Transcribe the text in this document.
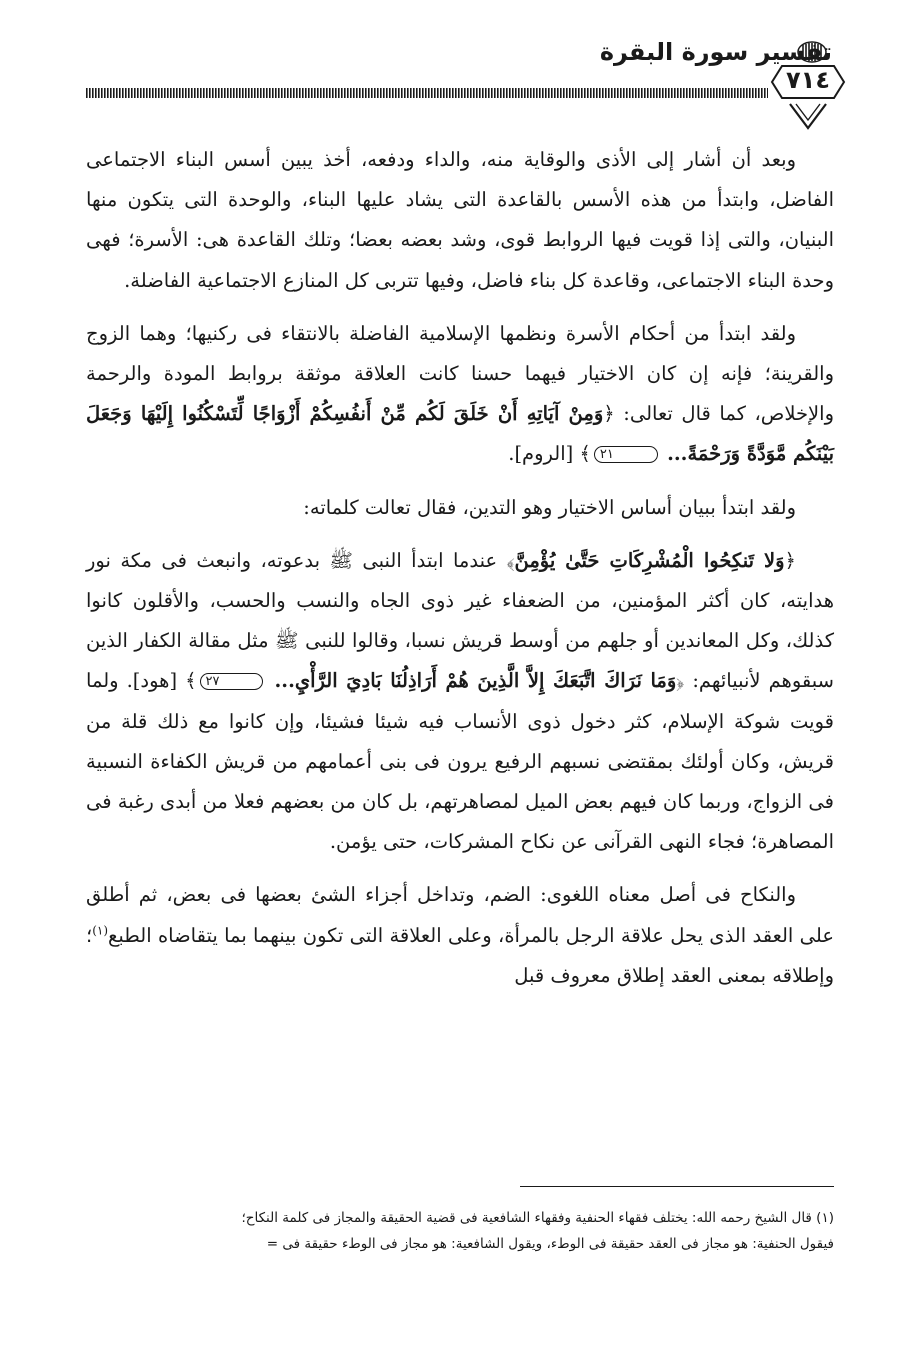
تفسير سورة البقرة
٧١٤

وبعد أن أشار إلى الأذى والوقاية منه، والداء ودفعه، أخذ يبين أسس البناء الاجتماعى الفاضل، وابتدأ من هذه الأسس بالقاعدة التى يشاد عليها البناء، والوحدة التى يتكون منها البنيان، والتى إذا قويت فيها الروابط قوى، وشد بعضه بعضا؛ وتلك القاعدة هى: الأسرة؛ فهى وحدة البناء الاجتماعى، وقاعدة كل بناء فاضل، وفيها تتربى كل المنازع الاجتماعية الفاضلة.

ولقد ابتدأ من أحكام الأسرة ونظمها الإسلامية الفاضلة بالانتقاء فى ركنيها؛ وهما الزوج والقرينة؛ فإنه إن كان الاختيار فيهما حسنا كانت العلاقة موثقة بروابط المودة والرحمة والإخلاص، كما قال تعالى: ﴿وَمِنْ آيَاتِهِ أَنْ خَلَقَ لَكُم مِّنْ أَنفُسِكُمْ أَزْوَاجًا لِّتَسْكُنُوا إِلَيْهَا وَجَعَلَ بَيْنَكُم مَّوَدَّةً وَرَحْمَةً... ٢١﴾ [الروم].

ولقد ابتدأ ببيان أساس الاختيار وهو التدين، فقال تعالت كلماته:

﴿وَلا تَنكِحُوا الْمُشْرِكَاتِ حَتَّىٰ يُؤْمِنَّ﴾ عندما ابتدأ النبى ﷺ بدعوته، وانبعث فى مكة نور هدايته، كان أكثر المؤمنين، من الضعفاء غير ذوى الجاه والنسب والحسب، والأقلون كانوا كذلك، وكل المعاندين أو جلهم من أوسط قريش نسبا، وقالوا للنبى ﷺ مثل مقالة الكفار الذين سبقوهم لأنبيائهم: ﴿وَمَا نَرَاكَ اتَّبَعَكَ إِلاَّ الَّذِينَ هُمْ أَرَاذِلُنَا بَادِيَ الرَّأْيِ... ٢٧﴾ [هود]. ولما قويت شوكة الإسلام، كثر دخول ذوى الأنساب فيه شيئا فشيئا، وإن كانوا مع ذلك قلة من قريش، وكان أولئك بمقتضى نسبهم الرفيع يرون فى بنى أعمامهم من قريش الكفاءة النسبية فى الزواج، وربما كان فيهم بعض الميل لمصاهرتهم، بل كان من بعضهم فعلا من أبدى رغبة فى المصاهرة؛ فجاء النهى القرآنى عن نكاح المشركات، حتى يؤمن.

والنكاح فى أصل معناه اللغوى: الضم، وتداخل أجزاء الشئ بعضها فى بعض، ثم أطلق على العقد الذى يحل علاقة الرجل بالمرأة، وعلى العلاقة التى تكون بينهما بما يتقاضاه الطبع$^{(١)}$؛ وإطلاقه بمعنى العقد إطلاق معروف قبل

(١) قال الشيخ رحمه الله: يختلف فقهاء الحنفية وفقهاء الشافعية فى قضية الحقيقة والمجاز فى كلمة النكاح؛

فيقول الحنفية: هو مجاز فى العقد حقيقة فى الوطء، ويقول الشافعية: هو مجاز فى الوطء حقيقة فى =
